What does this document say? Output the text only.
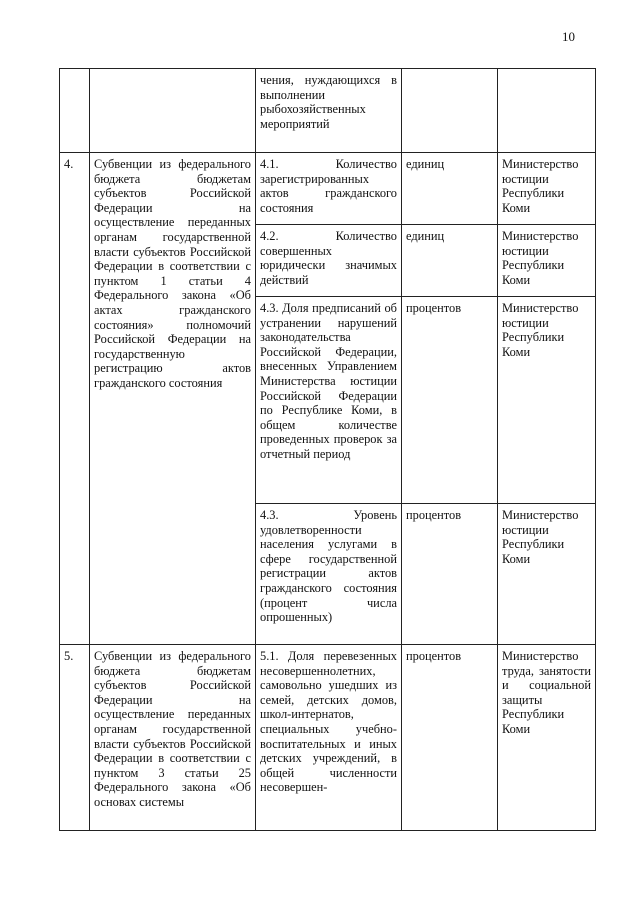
10
		чения, нуждающихся в выполнении рыбохозяйственных мероприятий		
4.	Субвенции из федерального бюджета бюджетам субъектов Российской Федерации на осуществление переданных органам государственной власти субъектов Российской Федерации в соответствии с пунктом 1 статьи 4 Федерального закона «Об актах гражданского состояния» полномочий Российской Федерации на государственную регистрацию актов гражданского состояния	4.1. Количество зарегистрированных актов гражданского состояния	единиц	Министерство юстиции Республики Коми
		4.2. Количество совершенных юридически значимых действий	единиц	Министерство юстиции Республики Коми
		4.3. Доля предписаний об устранении нарушений законодательства Российской Федерации, внесенных Управлением Министерства юстиции Российской Федерации по Республике Коми, в общем количестве проведенных проверок за отчетный период	процентов	Министерство юстиции Республики Коми
		4.3. Уровень удовлетворенности населения услугами в сфере государственной регистрации актов гражданского состояния (процент числа опрошенных)	процентов	Министерство юстиции Республики Коми
5.	Субвенции из федерального бюджета бюджетам субъектов Российской Федерации на осуществление переданных органам государственной власти субъектов Российской Федерации в соответствии с пунктом 3 статьи 25 Федерального закона «Об основах системы	5.1. Доля перевезенных несовершеннолетних, самовольно ушедших из семей, детских домов, школ-интернатов, специальных учебно-воспитательных и иных детских учреждений, в общей численности несовершен-	процентов	Министерство труда, занятости и социальной защиты Республики Коми
